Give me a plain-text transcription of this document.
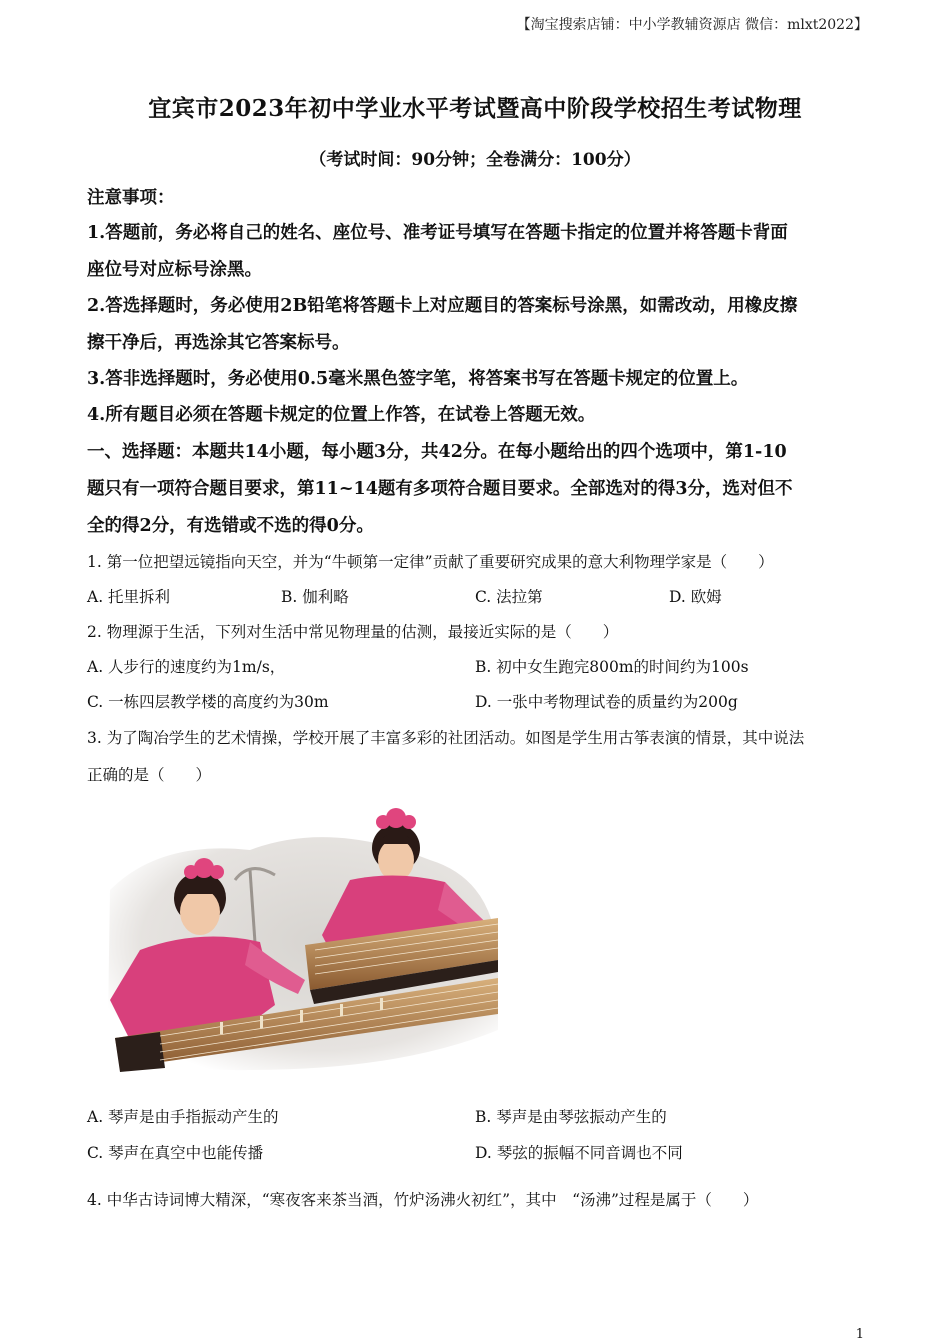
【淘宝搜索店铺：中小学教辅资源店 微信：mlxt2022】
宜宾市2023年初中学业水平考试暨高中阶段学校招生考试物理
（考试时间：90分钟；全卷满分：100分）
注意事项：
1.答题前，务必将自己的姓名、座位号、准考证号填写在答题卡指定的位置并将答题卡背面
座位号对应标号涂黑。
2.答选择题时，务必使用2B铅笔将答题卡上对应题目的答案标号涂黑，如需改动，用橡皮擦
擦干净后，再选涂其它答案标号。
3.答非选择题时，务必使用0.5毫米黑色签字笔，将答案书写在答题卡规定的位置上。
4.所有题目必须在答题卡规定的位置上作答，在试卷上答题无效。
一、选择题：本题共14小题，每小题3分，共42分。在每小题给出的四个选项中，第1-10
题只有一项符合题目要求，第11~14题有多项符合题目要求。全部选对的得3分，选对但不
全的得2分，有选错或不选的得0分。
1. 第一位把望远镜指向天空，并为“牛顿第一定律”贡献了重要研究成果的意大利物理学家是（　　）
A. 托里拆利	B. 伽利略	C. 法拉第	D. 欧姆
2. 物理源于生活，下列对生活中常见物理量的估测，最接近实际的是（　　）
A. 人步行的速度约为1m/s，	B. 初中女生跑完800m的时间约为100s
C. 一栋四层教学楼的高度约为30m	D. 一张中考物理试卷的质量约为200g
3. 为了陶冶学生的艺术情操，学校开展了丰富多彩的社团活动。如图是学生用古筝表演的情景，其中说法
正确的是（　　）
A. 琴声是由手指振动产生的	B. 琴声是由琴弦振动产生的
C. 琴声在真空中也能传播	D. 琴弦的振幅不同音调也不同
4. 中华古诗词博大精深，“寒夜客来茶当酒，竹炉汤沸火初红”，其中　“汤沸”过程是属于（　　）
1
